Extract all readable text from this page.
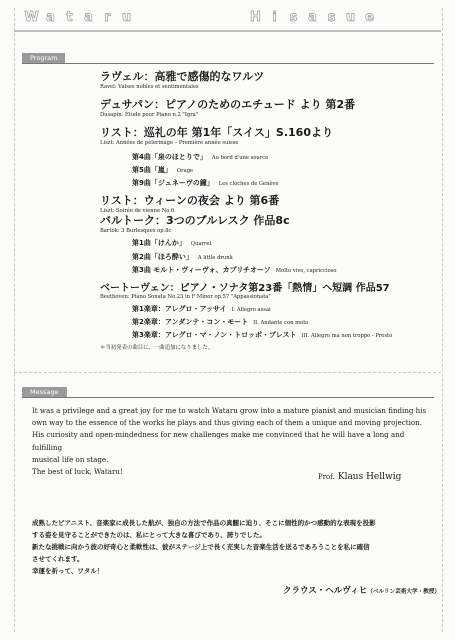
W a t a r u	H i s a s u e
Program
ラヴェル：高雅で感傷的なワルツ
Ravel: Valses nobles et sentimentales
デュサパン：ピアノのためのエチュード より 第2番
Dusapin: Étude pour Piano n.2 "Igra"
リスト：巡礼の年 第1年「スイス」S.160より
Liszt: Années de pèlerinage – Première année suisse
第4曲「泉のほとりで」 Au bord d'une source
第5曲「嵐」 Orage
第9曲「ジュネーヴの鐘」 Les cloches de Genève
リスト：ウィーンの夜会 より 第6番
Liszt: Soirée de vienne No.6
バルトーク：3つのブルレスク 作品8c
Bartok: 3 Burlesques op.8c
第1曲「けんか」 Quarrel
第2曲「ほろ酔い」 A little drunk
第3曲 モルト・ヴィーヴォ、カプリチオーソ Molto vivo, capriccioso
ベートーヴェン：ピアノ・ソナタ第23番「熱情」へ短調 作品57
Beethoven: Piano Sonata No.23 in F Minor op.57 "Appassionata"
第1楽章：アレグロ・アッサイ I. Allegro assai
第2楽章：アンダンテ・コン・モート II. Andante con moto
第3楽章：アレグロ・マ・ノン・トロッポ・プレスト III. Allegro ma non troppo - Presto
＊当初発表の曲目に、一曲追加になりました。
Message

It was a privilege and a great joy for me to watch Wataru grow into a mature pianist and musician finding his

own way to the essence of the works he plays and thus giving each of them a unique and moving projection.

His curiosity and open-mindedness for new challenges make me convinced that he will have a long and fulfilling

musical life on stage.

The best of luck, Wataru!

Prof. Klaus Hellwig

成熟したピアニスト、音楽家に成長した航が、独自の方法で作品の真髄に迫り、そこに個性的かつ感動的な表現を投影

する姿を見守ることができたのは、私にとって大きな喜びであり、誇りでした。

新たな挑戦に向かう彼の好奇心と柔軟性は、彼がステージ上で長く充実した音楽生活を送るであろうことを私に確信

させてくれます。

幸運を祈って、ワタル！

クラウス・ヘルヴィヒ（ベルリン芸術大学・教授）
